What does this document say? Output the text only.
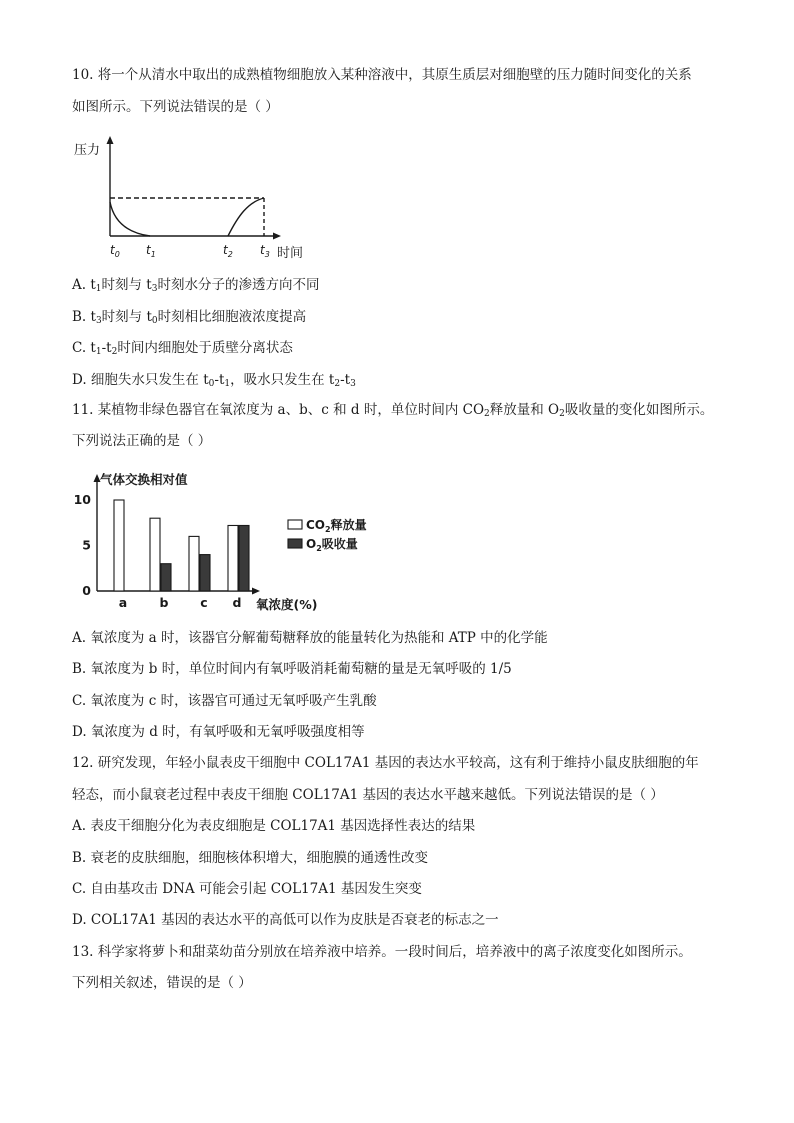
10. 将一个从清水中取出的成熟植物细胞放入某种溶液中，其原生质层对细胞壁的压力随时间变化的关系
如图所示。下列说法错误的是（ ）
压力
$t_0$ $t_1$	$t_2$ $t_3$ 时间
A. $t_1$时刻与 $t_3$时刻水分子的渗透方向不同
B. $t_3$时刻与 $t_0$时刻相比细胞液浓度提高
C. $t_1-t_2$时间内细胞处于质壁分离状态
D. 细胞失水只发生在 $t_0-t_1$，吸水只发生在 $t_2-t_3$
11. 某植物非绿色器官在氧浓度为 a、b、c 和 d 时，单位时间内 $CO_2$释放量和 $O_2$吸收量的变化如图所示。
下列说法正确的是（ ）
气体交换相对值
0
5
10
a	b	c d 氧浓度(%)
$CO_2$释放量
$O_2$吸收量
A. 氧浓度为 a 时，该器官分解葡萄糖释放的能量转化为热能和 ATP 中的化学能
B. 氧浓度为 b 时，单位时间内有氧呼吸消耗葡萄糖的量是无氧呼吸的 1/5
C. 氧浓度为 c 时，该器官可通过无氧呼吸产生乳酸
D. 氧浓度为 d 时，有氧呼吸和无氧呼吸强度相等
12. 研究发现，年轻小鼠表皮干细胞中 COL17A1 基因的表达水平较高，这有利于维持小鼠皮肤细胞的年
轻态，而小鼠衰老过程中表皮干细胞 COL17A1 基因的表达水平越来越低。下列说法错误的是（ ）
A. 表皮干细胞分化为表皮细胞是 COL17A1 基因选择性表达的结果
B. 衰老的皮肤细胞，细胞核体积增大，细胞膜的通透性改变
C. 自由基攻击 DNA 可能会引起 COL17A1 基因发生突变
D. COL17A1 基因的表达水平的高低可以作为皮肤是否衰老的标志之一
13. 科学家将萝卜和甜菜幼苗分别放在培养液中培养。一段时间后，培养液中的离子浓度变化如图所示。
下列相关叙述，错误的是（ ）
